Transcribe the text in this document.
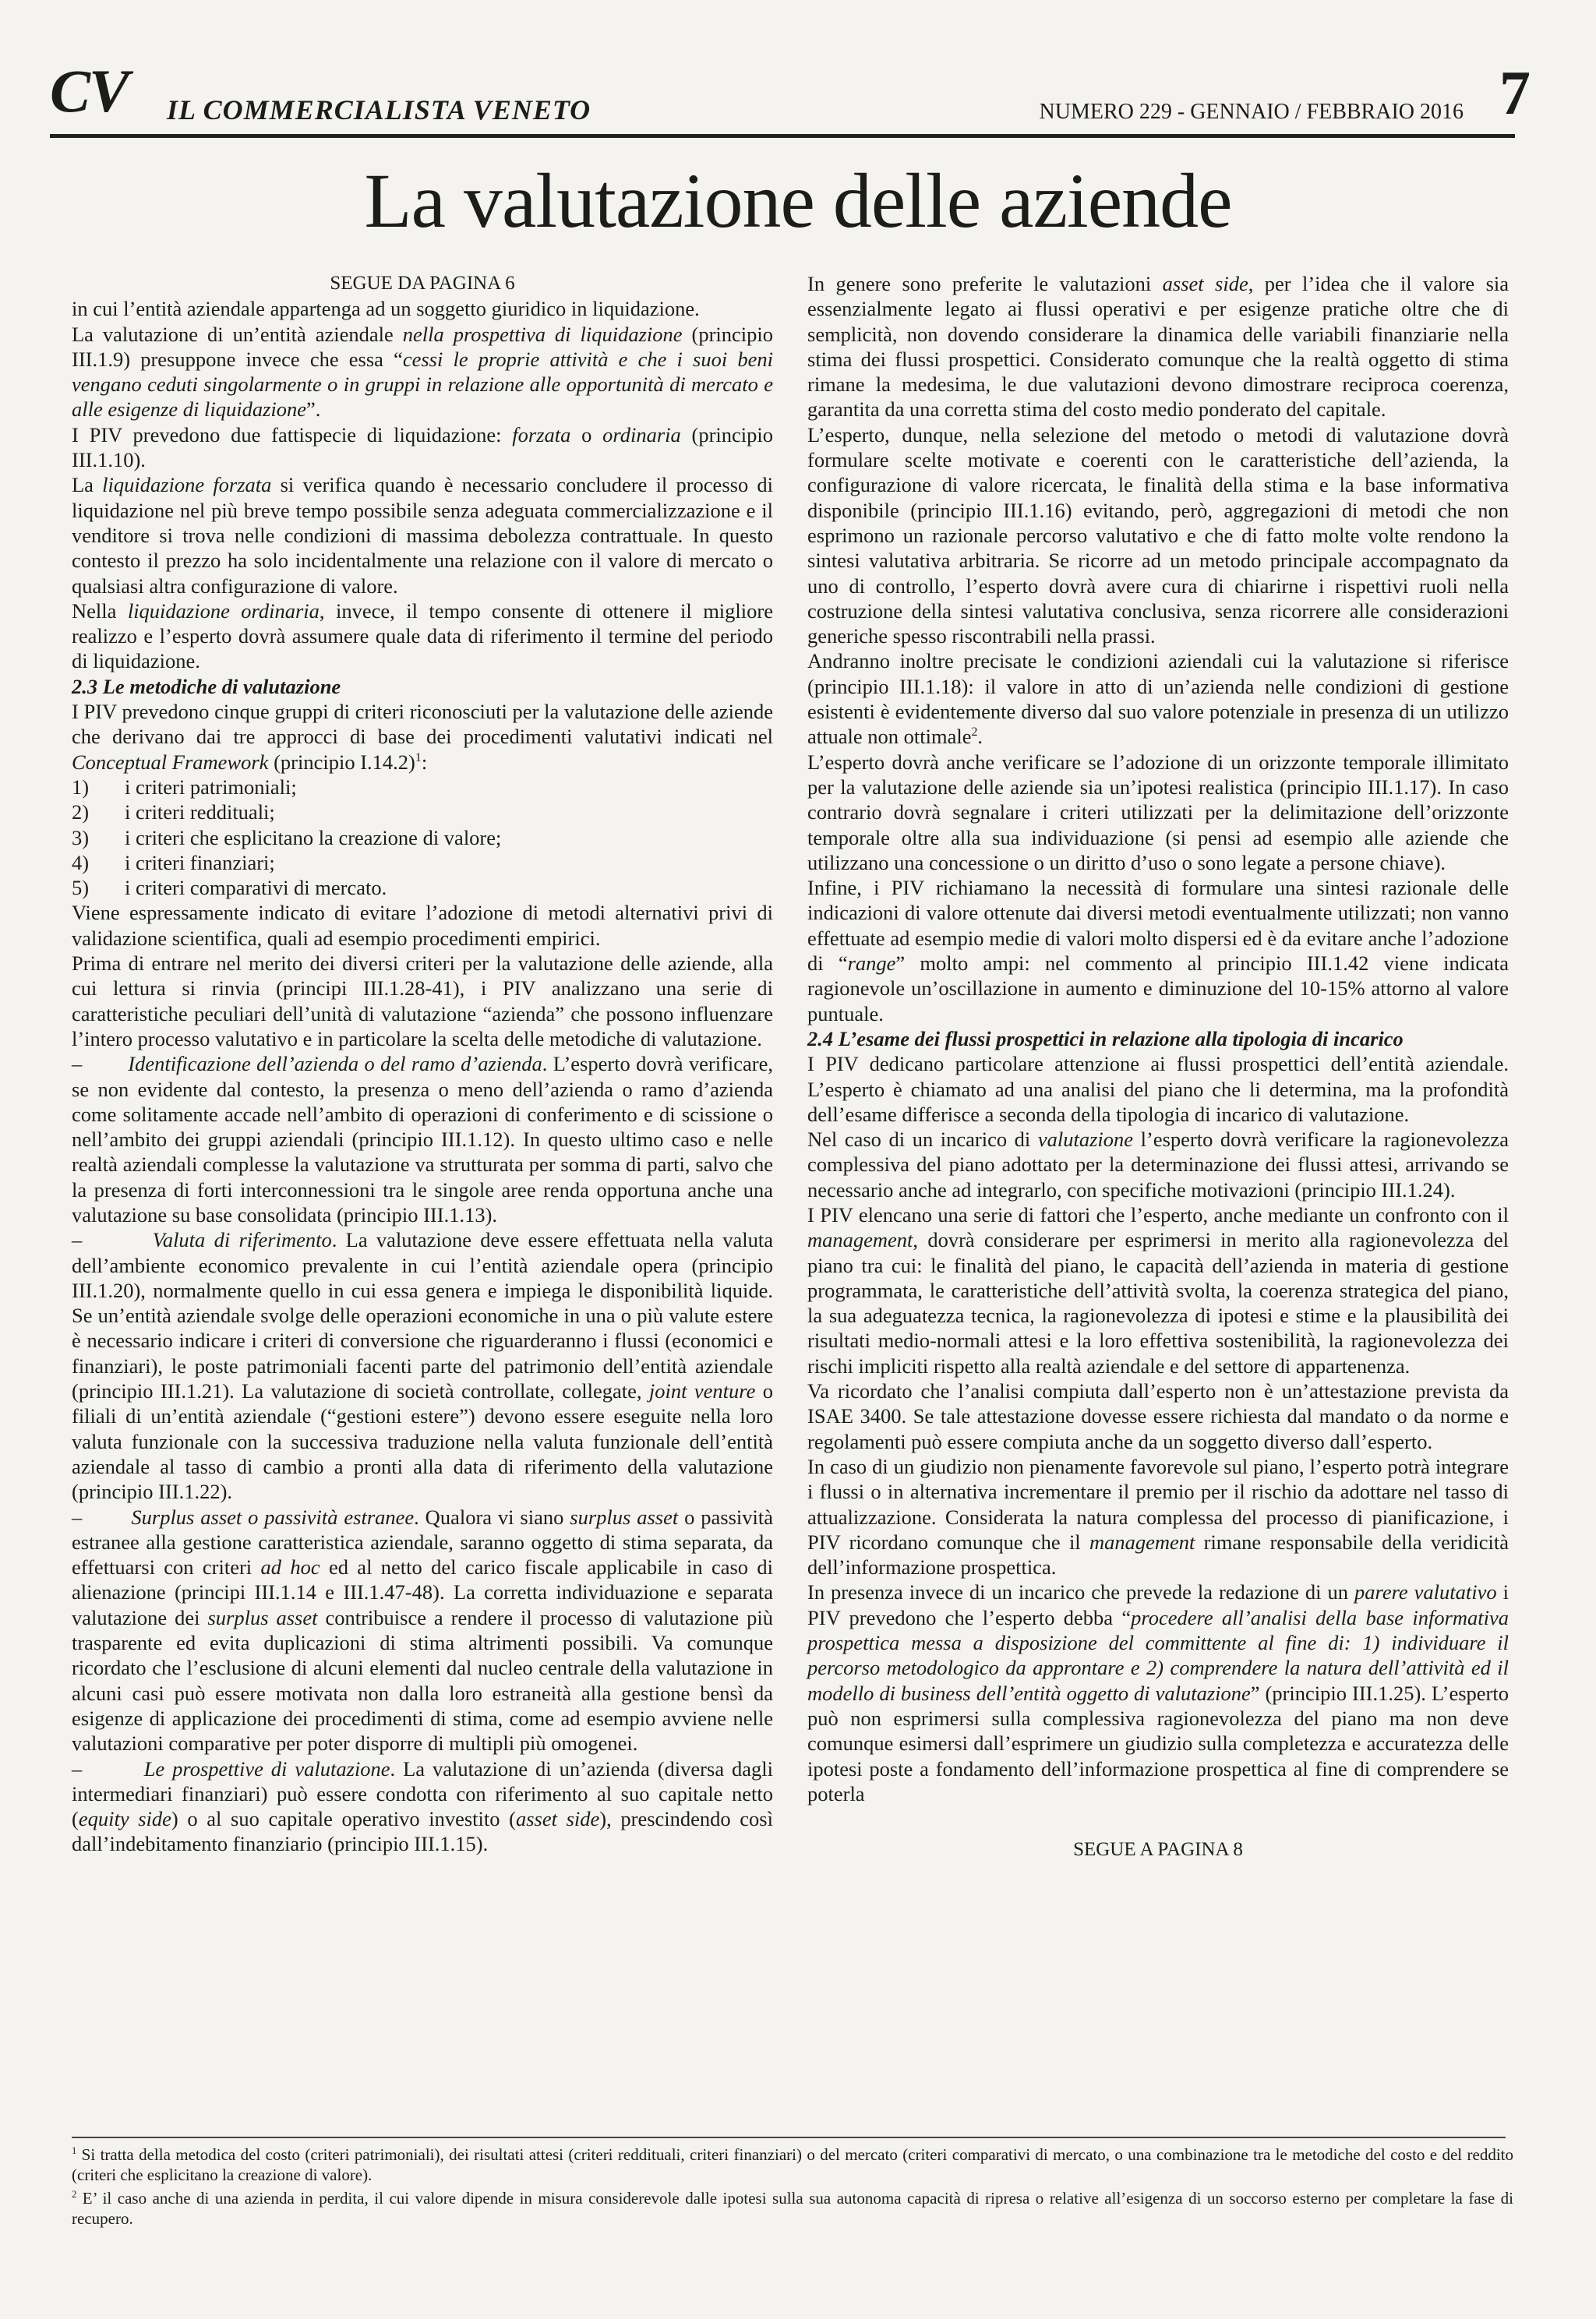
CV IL COMMERCIALISTA VENETO	NUMERO 229 - GENNAIO / FEBBRAIO 2016 7
La valutazione delle aziende

SEGUE DA PAGINA 6

in cui l’entità aziendale appartenga ad un soggetto giuridico in liquidazione.

La valutazione di un’entità aziendale nella prospettiva di liquidazione (principio III.1.9) presuppone invece che essa “cessi le proprie attività e che i suoi beni vengano ceduti singolarmente o in gruppi in relazione alle opportunità di mercato e alle esigenze di liquidazione”.

I PIV prevedono due fattispecie di liquidazione: forzata o ordinaria (principio III.1.10).

La liquidazione forzata si verifica quando è necessario concludere il processo di liquidazione nel più breve tempo possibile senza adeguata commercializzazione e il venditore si trova nelle condizioni di massima debolezza contrattuale. In questo contesto il prezzo ha solo incidentalmente una relazione con il valore di mercato o qualsiasi altra configurazione di valore.

Nella liquidazione ordinaria, invece, il tempo consente di ottenere il migliore realizzo e l’esperto dovrà assumere quale data di riferimento il termine del periodo di liquidazione.

2.3 Le metodiche di valutazione

I PIV prevedono cinque gruppi di criteri riconosciuti per la valutazione delle aziende che derivano dai tre approcci di base dei procedimenti valutativi indicati nel Conceptual Framework (principio I.14.2)$^1$:

1)	i criteri patrimoniali;
2)	i criteri reddituali;
3)	i criteri che esplicitano la creazione di valore;
4)	i criteri finanziari;
5)	i criteri comparativi di mercato.

Viene espressamente indicato di evitare l’adozione di metodi alternativi privi di validazione scientifica, quali ad esempio procedimenti empirici.

Prima di entrare nel merito dei diversi criteri per la valutazione delle aziende, alla cui lettura si rinvia (principi III.1.28-41), i PIV analizzano una serie di caratteristiche peculiari dell’unità di valutazione “azienda” che possono influenzare l’intero processo valutativo e in particolare la scelta delle metodiche di valutazione.

–        Identificazione dell’azienda o del ramo d’azienda. L’esperto dovrà verificare, se non evidente dal contesto, la presenza o meno dell’azienda o ramo d’azienda come solitamente accade nell’ambito di operazioni di conferimento e di scissione o nell’ambito dei gruppi aziendali (principio III.1.12). In questo ultimo caso e nelle realtà aziendali complesse la valutazione va strutturata per somma di parti, salvo che la presenza di forti interconnessioni tra le singole aree renda opportuna anche una valutazione su base consolidata (principio III.1.13).

–        Valuta di riferimento. La valutazione deve essere effettuata nella valuta dell’ambiente economico prevalente in cui l’entità aziendale opera (principio III.1.20), normalmente quello in cui essa genera e impiega le disponibilità liquide. Se un’entità aziendale svolge delle operazioni economiche in una o più valute estere è necessario indicare i criteri di conversione che riguarderanno i flussi (economici e finanziari), le poste patrimoniali facenti parte del patrimonio dell’entità aziendale (principio III.1.21). La valutazione di società controllate, collegate, joint venture o filiali di un’entità aziendale (“gestioni estere”) devono essere eseguite nella loro valuta funzionale con la successiva traduzione nella valuta funzionale dell’entità aziendale al tasso di cambio a pronti alla data di riferimento della valutazione (principio III.1.22).

–        Surplus asset o passività estranee. Qualora vi siano surplus asset o passività estranee alla gestione caratteristica aziendale, saranno oggetto di stima separata, da effettuarsi con criteri ad hoc ed al netto del carico fiscale applicabile in caso di alienazione (principi III.1.14 e III.1.47-48). La corretta individuazione e separata valutazione dei surplus asset contribuisce a rendere il processo di valutazione più trasparente ed evita duplicazioni di stima altrimenti possibili. Va comunque ricordato che l’esclusione di alcuni elementi dal nucleo centrale della valutazione in alcuni casi può essere motivata non dalla loro estraneità alla gestione bensì da esigenze di applicazione dei procedimenti di stima, come ad esempio avviene nelle valutazioni comparative per poter disporre di multipli più omogenei.

–        Le prospettive di valutazione. La valutazione di un’azienda (diversa dagli intermediari finanziari) può essere condotta con riferimento al suo capitale netto (equity side) o al suo capitale operativo investito (asset side), prescindendo così dall’indebitamento finanziario (principio III.1.15).

In genere sono preferite le valutazioni asset side, per l’idea che il valore sia essenzialmente legato ai flussi operativi e per esigenze pratiche oltre che di semplicità, non dovendo considerare la dinamica delle variabili finanziarie nella stima dei flussi prospettici. Considerato comunque che la realtà oggetto di stima rimane la medesima, le due valutazioni devono dimostrare reciproca coerenza, garantita da una corretta stima del costo medio ponderato del capitale.

L’esperto, dunque, nella selezione del metodo o metodi di valutazione dovrà formulare scelte motivate e coerenti con le caratteristiche dell’azienda, la configurazione di valore ricercata, le finalità della stima e la base informativa disponibile (principio III.1.16) evitando, però, aggregazioni di metodi che non esprimono un razionale percorso valutativo e che di fatto molte volte rendono la sintesi valutativa arbitraria. Se ricorre ad un metodo principale accompagnato da uno di controllo, l’esperto dovrà avere cura di chiarirne i rispettivi ruoli nella costruzione della sintesi valutativa conclusiva, senza ricorrere alle considerazioni generiche spesso riscontrabili nella prassi.

Andranno inoltre precisate le condizioni aziendali cui la valutazione si riferisce (principio III.1.18): il valore in atto di un’azienda nelle condizioni di gestione esistenti è evidentemente diverso dal suo valore potenziale in presenza di un utilizzo attuale non ottimale$^2$.

L’esperto dovrà anche verificare se l’adozione di un orizzonte temporale illimitato per la valutazione delle aziende sia un’ipotesi realistica (principio III.1.17). In caso contrario dovrà segnalare i criteri utilizzati per la delimitazione dell’orizzonte temporale oltre alla sua individuazione (si pensi ad esempio alle aziende che utilizzano una concessione o un diritto d’uso o sono legate a persone chiave).

Infine, i PIV richiamano la necessità di formulare una sintesi razionale delle indicazioni di valore ottenute dai diversi metodi eventualmente utilizzati; non vanno effettuate ad esempio medie di valori molto dispersi ed è da evitare anche l’adozione di “range” molto ampi: nel commento al principio III.1.42 viene indicata ragionevole un’oscillazione in aumento e diminuzione del 10-15% attorno al valore puntuale.

2.4 L’esame dei flussi prospettici in relazione alla tipologia di incarico

I PIV dedicano particolare attenzione ai flussi prospettici dell’entità aziendale. L’esperto è chiamato ad una analisi del piano che li determina, ma la profondità dell’esame differisce a seconda della tipologia di incarico di valutazione.

Nel caso di un incarico di valutazione l’esperto dovrà verificare la ragionevolezza complessiva del piano adottato per la determinazione dei flussi attesi, arrivando se necessario anche ad integrarlo, con specifiche motivazioni (principio III.1.24).

I PIV elencano una serie di fattori che l’esperto, anche mediante un confronto con il management, dovrà considerare per esprimersi in merito alla ragionevolezza del piano tra cui: le finalità del piano, le capacità dell’azienda in materia di gestione programmata, le caratteristiche dell’attività svolta, la coerenza strategica del piano, la sua adeguatezza tecnica, la ragionevolezza di ipotesi e stime e la plausibilità dei risultati medio-normali attesi e la loro effettiva sostenibilità, la ragionevolezza dei rischi impliciti rispetto alla realtà aziendale e del settore di appartenenza.

Va ricordato che l’analisi compiuta dall’esperto non è un’attestazione prevista da ISAE 3400. Se tale attestazione dovesse essere richiesta dal mandato o da norme e regolamenti può essere compiuta anche da un soggetto diverso dall’esperto.

In caso di un giudizio non pienamente favorevole sul piano, l’esperto potrà integrare i flussi o in alternativa incrementare il premio per il rischio da adottare nel tasso di attualizzazione. Considerata la natura complessa del processo di pianificazione, i PIV ricordano comunque che il management rimane responsabile della veridicità dell’informazione prospettica.

In presenza invece di un incarico che prevede la redazione di un parere valutativo i PIV prevedono che l’esperto debba “procedere all’analisi della base informativa prospettica messa a disposizione del committente al fine di: 1) individuare il percorso metodologico da approntare e 2) comprendere la natura dell’attività ed il modello di business dell’entità oggetto di valutazione” (principio III.1.25). L’esperto può non esprimersi sulla complessiva ragionevolezza del piano ma non deve comunque esimersi dall’esprimere un giudizio sulla completezza e accuratezza delle ipotesi poste a fondamento dell’informazione prospettica al fine di comprendere se poterla

SEGUE A PAGINA 8

$^1$ Si tratta della metodica del costo (criteri patrimoniali), dei risultati attesi (criteri reddituali, criteri finanziari) o del mercato (criteri comparativi di mercato, o una combinazione tra le metodiche del costo e del reddito (criteri che esplicitano la creazione di valore).

$^2$ E’ il caso anche di una azienda in perdita, il cui valore dipende in misura considerevole dalle ipotesi sulla sua autonoma capacità di ripresa o relative all’esigenza di un soccorso esterno per completare la fase di recupero.
